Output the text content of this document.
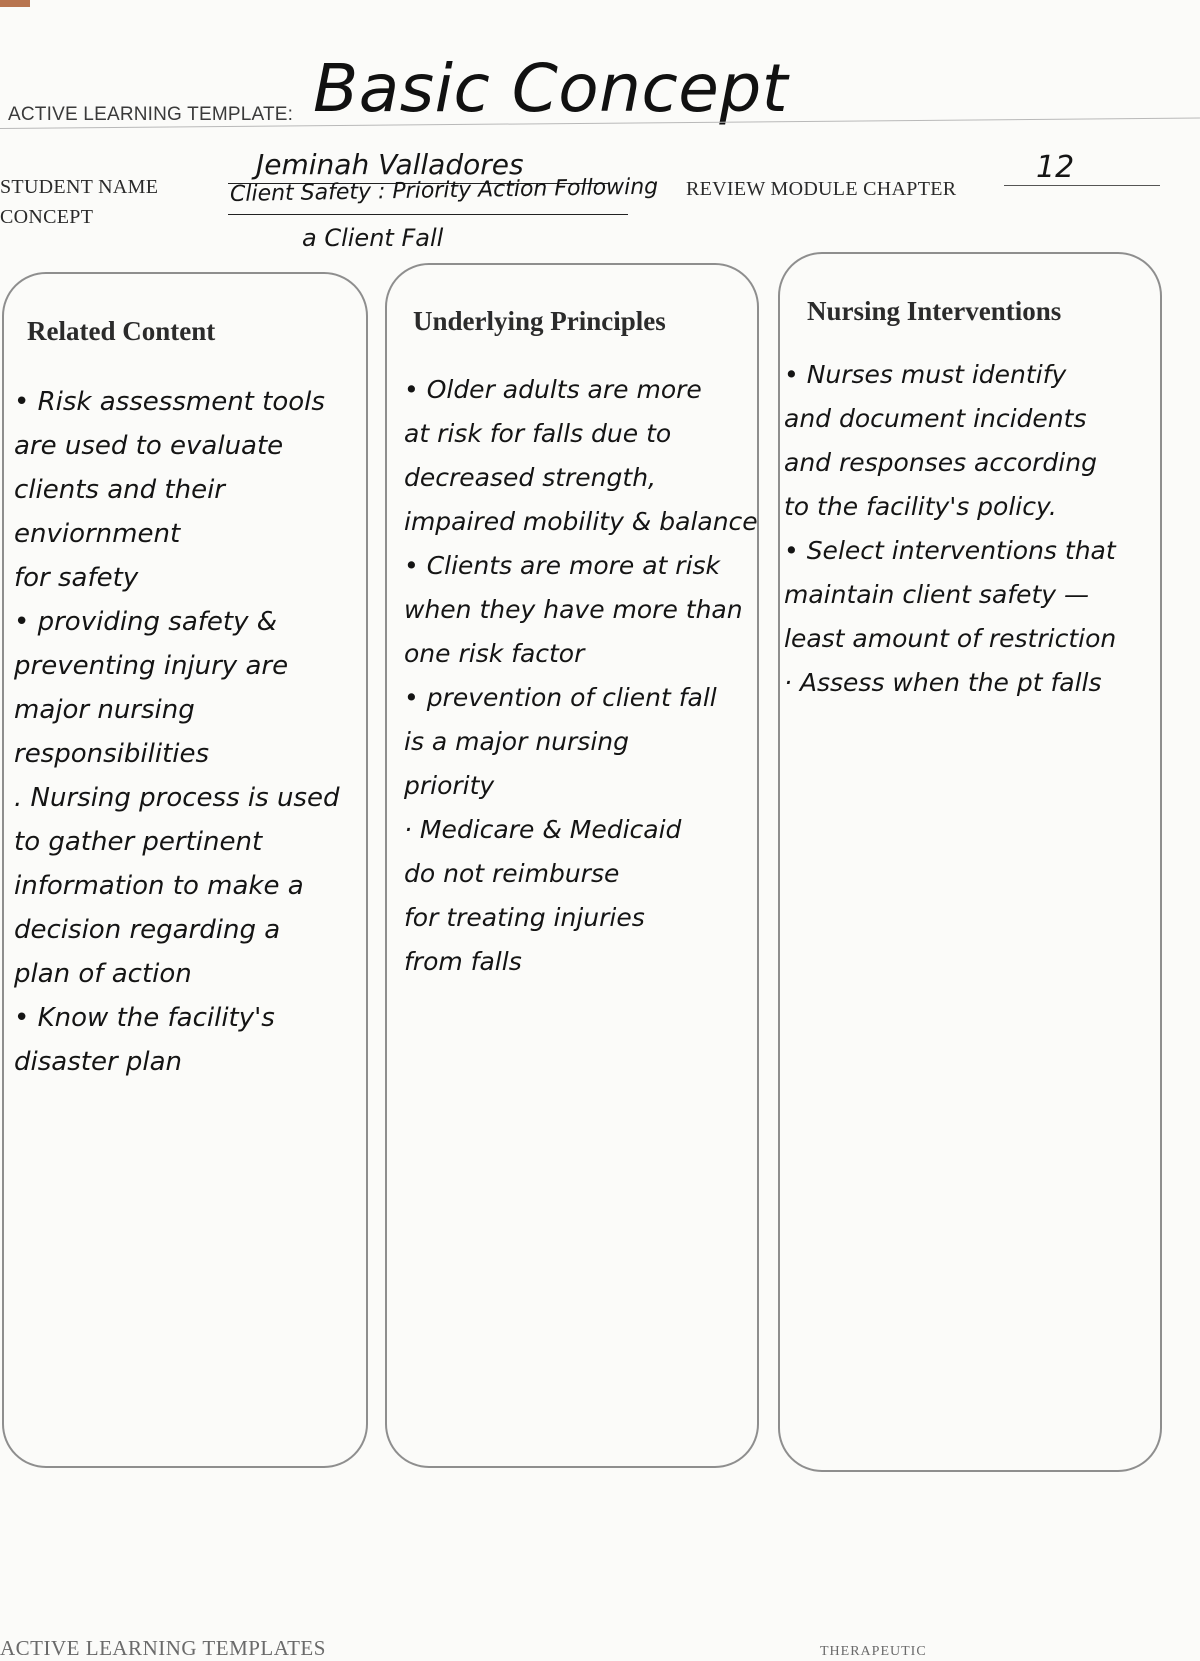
ACTIVE LEARNING TEMPLATE: Basic Concept
STUDENT NAME
CONCEPT
Jeminah Valladores
Client Safety : Priority Action Following
a Client Fall
REVIEW MODULE CHAPTER
12
Related Content
• Risk assessment tools
are used to evaluate
clients and their enviornment
for safety
• providing safety &
preventing injury are
major nursing responsibilities
. Nursing process is used
to gather pertinent
information to make a
decision regarding a
plan of action
• Know the facility's
disaster plan
Underlying Principles
• Older adults are more
at risk for falls due to
decreased strength,
impaired mobility & balance
• Clients are more at risk
when they have more than
one risk factor
• prevention of client fall
is a major nursing
priority
· Medicare & Medicaid
do not reimburse
for treating injuries
from falls
Nursing Interventions
• Nurses must identify
and document incidents
and responses according
to the facility's policy.
• Select interventions that
maintain client safety —
least amount of restriction
· Assess when the pt falls
ACTIVE LEARNING TEMPLATES	THERAPEUTIC
